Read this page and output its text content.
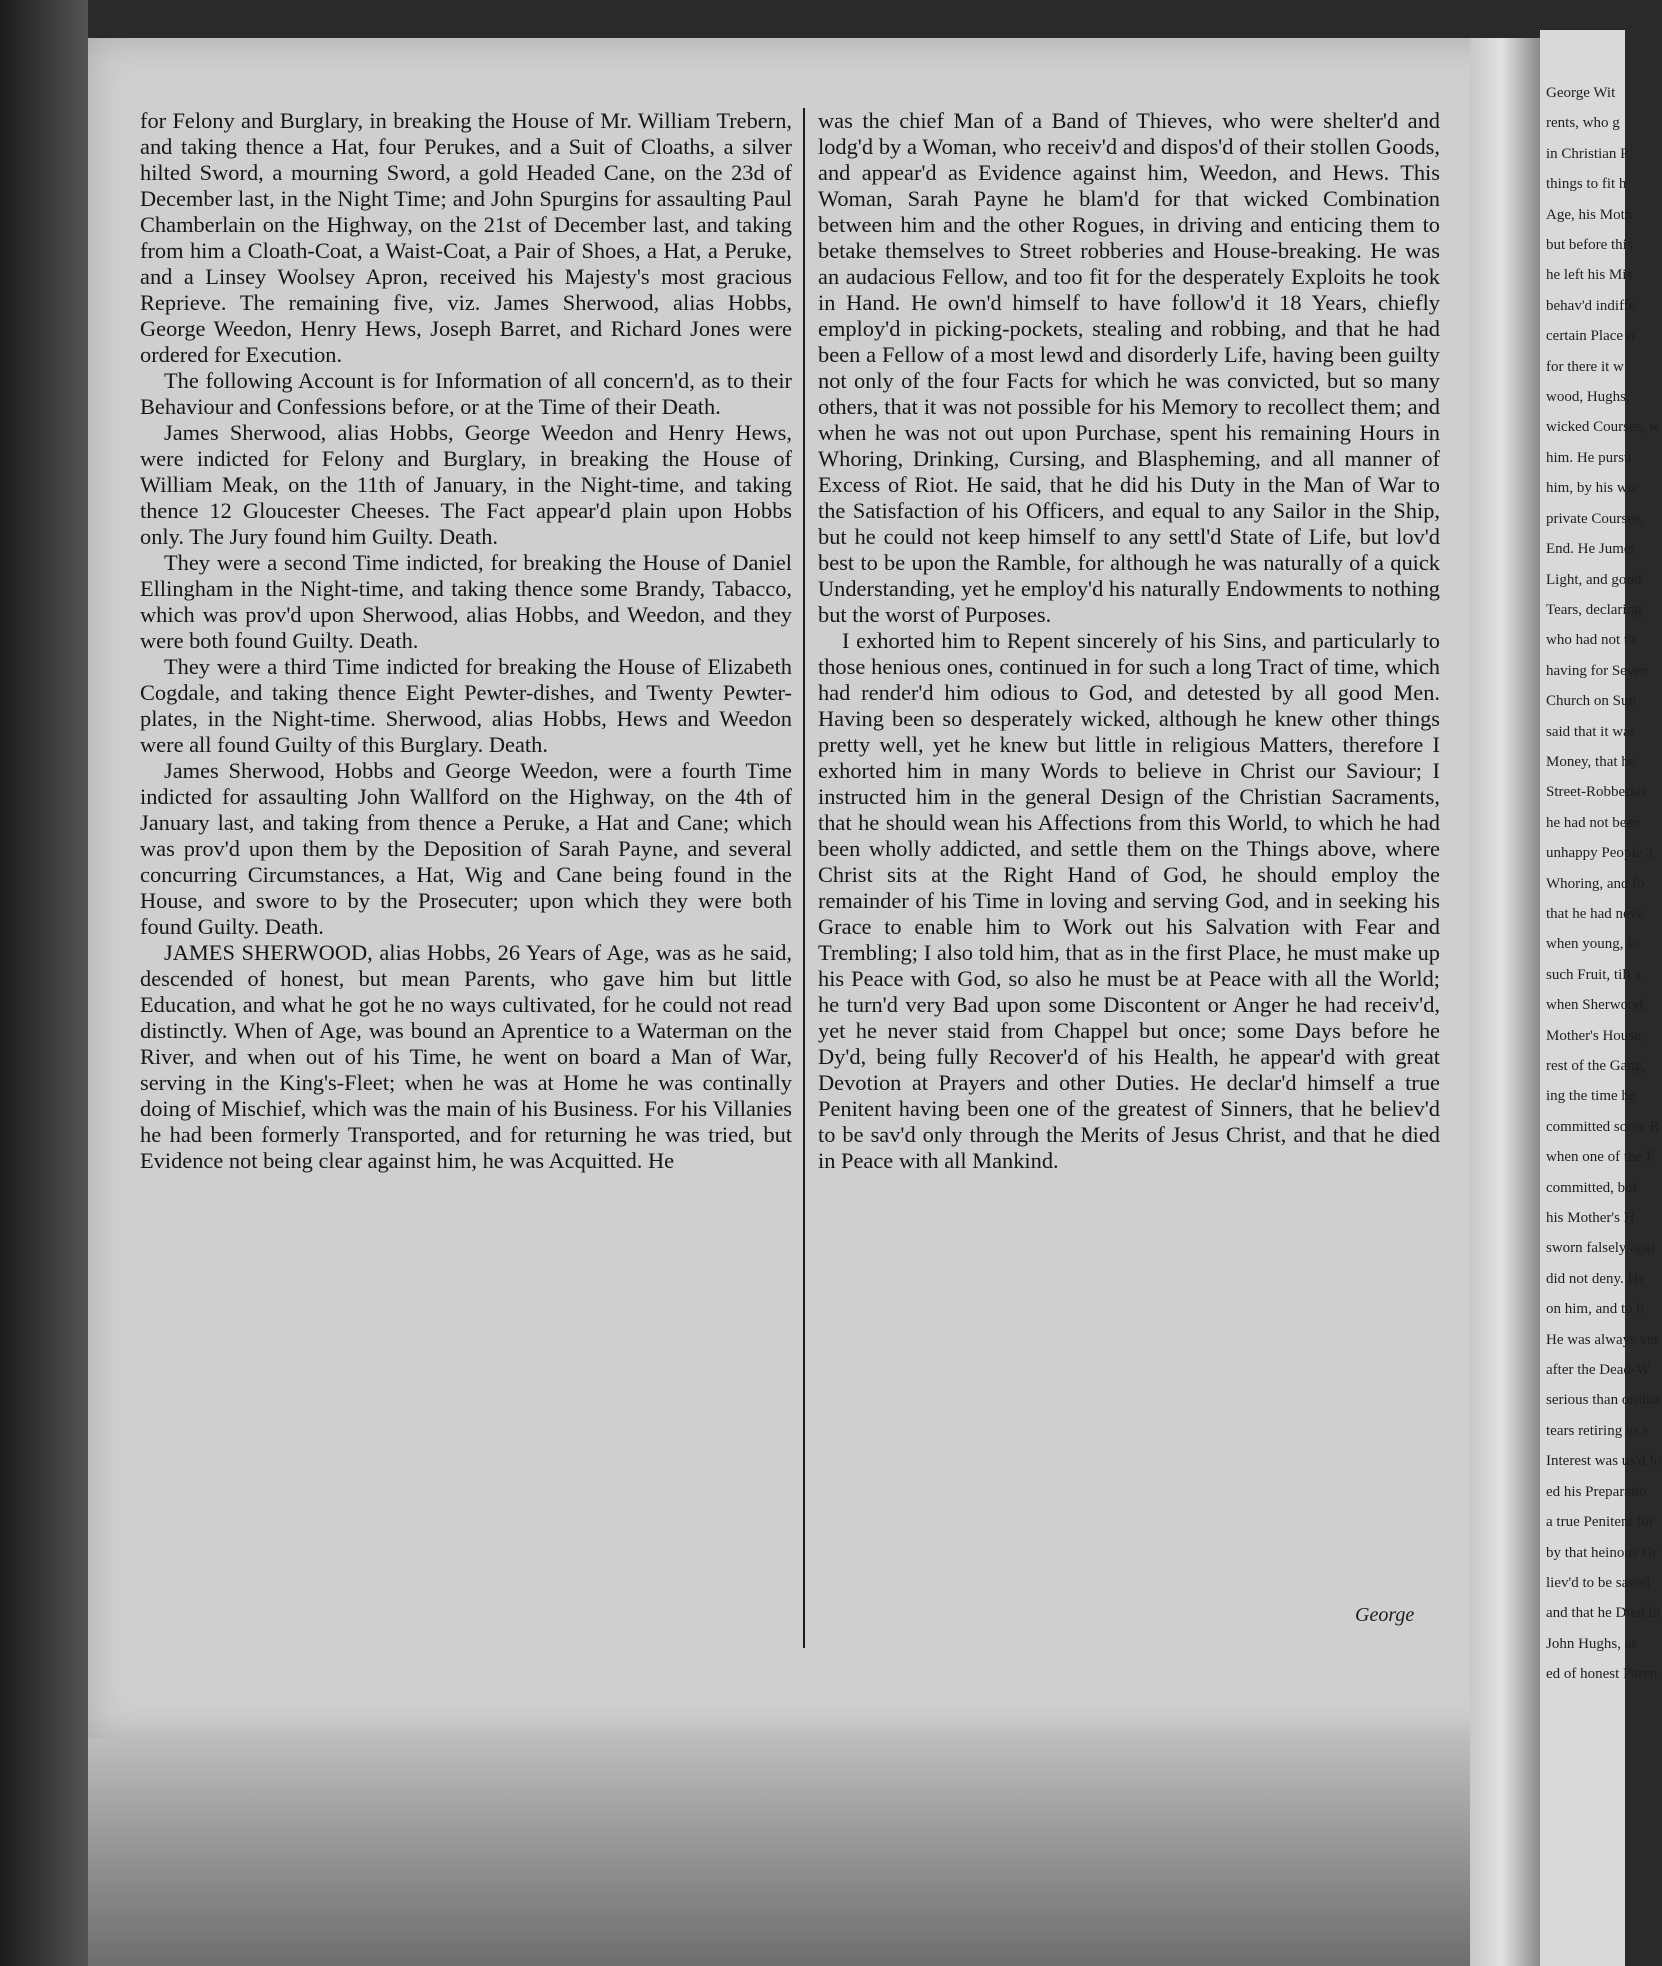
George Wit
rents, who g
in Christian P
things to fit h
Age, his Moth
but before this
he left his Mis
behav'd indiffe
certain Place o
for there it w
wood, Hughs,
wicked Courses, w
him. He pursu
him, by his wic
private Courses,
End. He Jumer
Light, and good
Tears, declaring
who had not th
having for Seven
Church on Sun
said that it was
Money, that he
Street-Robberies
he had not been
unhappy People a
Whoring, and fo
that he had neve
when young, fo
such Fruit, till a
when Sherwood,
Mother's House,
rest of the Gang,
ing the time he
committed some R
when one of the F
committed, but
his Mother's H
sworn falsely agai
did not deny. He
on him, and to h
He was always ver
after the Dead-W
serious than ordina
tears retiring to a
Interest was us'd fo
ed his Preparatio
a true Penitent for
by that heinous Or
liev'd to be saved
and that he Died in
John Hughs, as
ed of honest Paren

for Felony and Burglary, in breaking the House of Mr. William Trebern, and taking thence a Hat, four Perukes, and a Suit of Cloaths, a silver hilted Sword, a mourning Sword, a gold Headed Cane, on the 23d of December last, in the Night Time; and John Spurgins for assaulting Paul Chamberlain on the Highway, on the 21st of December last, and taking from him a Cloath-Coat, a Waist-Coat, a Pair of Shoes, a Hat, a Peruke, and a Linsey Woolsey Apron, received his Majesty's most gracious Reprieve. The remaining five, viz. James Sherwood, alias Hobbs, George Weedon, Henry Hews, Joseph Barret, and Richard Jones were ordered for Execution.

The following Account is for Information of all concern'd, as to their Behaviour and Confessions before, or at the Time of their Death.

James Sherwood, alias Hobbs, George Weedon and Henry Hews, were indicted for Felony and Burglary, in breaking the House of William Meak, on the 11th of January, in the Night-time, and taking thence 12 Gloucester Cheeses. The Fact appear'd plain upon Hobbs only. The Jury found him Guilty. Death.

They were a second Time indicted, for breaking the House of Daniel Ellingham in the Night-time, and taking thence some Brandy, Tabacco, which was prov'd upon Sherwood, alias Hobbs, and Weedon, and they were both found Guilty. Death.

They were a third Time indicted for breaking the House of Elizabeth Cogdale, and taking thence Eight Pewter-dishes, and Twenty Pewter-plates, in the Night-time. Sherwood, alias Hobbs, Hews and Weedon were all found Guilty of this Burglary. Death.

James Sherwood, Hobbs and George Weedon, were a fourth Time indicted for assaulting John Wallford on the Highway, on the 4th of January last, and taking from thence a Peruke, a Hat and Cane; which was prov'd upon them by the Deposition of Sarah Payne, and several concurring Circumstances, a Hat, Wig and Cane being found in the House, and swore to by the Prosecuter; upon which they were both found Guilty. Death.

JAMES SHERWOOD, alias Hobbs, 26 Years of Age, was as he said, descended of honest, but mean Parents, who gave him but little Education, and what he got he no ways cultivated, for he could not read distinctly. When of Age, was bound an Aprentice to a Waterman on the River, and when out of his Time, he went on board a Man of War, serving in the King's-Fleet; when he was at Home he was continally doing of Mischief, which was the main of his Business. For his Villanies he had been formerly Transported, and for returning he was tried, but Evidence not being clear against him, he was Acquitted. He

was the chief Man of a Band of Thieves, who were shelter'd and lodg'd by a Woman, who receiv'd and dispos'd of their stollen Goods, and appear'd as Evidence against him, Weedon, and Hews. This Woman, Sarah Payne he blam'd for that wicked Combination between him and the other Rogues, in driving and enticing them to betake themselves to Street robberies and House-breaking. He was an audacious Fellow, and too fit for the desperately Exploits he took in Hand. He own'd himself to have follow'd it 18 Years, chiefly employ'd in picking-pockets, stealing and robbing, and that he had been a Fellow of a most lewd and disorderly Life, having been guilty not only of the four Facts for which he was convicted, but so many others, that it was not possible for his Memory to recollect them; and when he was not out upon Purchase, spent his remaining Hours in Whoring, Drinking, Cursing, and Blaspheming, and all manner of Excess of Riot. He said, that he did his Duty in the Man of War to the Satisfaction of his Officers, and equal to any Sailor in the Ship, but he could not keep himself to any settl'd State of Life, but lov'd best to be upon the Ramble, for although he was naturally of a quick Understanding, yet he employ'd his naturally Endowments to nothing but the worst of Purposes.

I exhorted him to Repent sincerely of his Sins, and particularly to those henious ones, continued in for such a long Tract of time, which had render'd him odious to God, and detested by all good Men. Having been so desperately wicked, although he knew other things pretty well, yet he knew but little in religious Matters, therefore I exhorted him in many Words to believe in Christ our Saviour; I instructed him in the general Design of the Christian Sacraments, that he should wean his Affections from this World, to which he had been wholly addicted, and settle them on the Things above, where Christ sits at the Right Hand of God, he should employ the remainder of his Time in loving and serving God, and in seeking his Grace to enable him to Work out his Salvation with Fear and Trembling; I also told him, that as in the first Place, he must make up his Peace with God, so also he must be at Peace with all the World; he turn'd very Bad upon some Discontent or Anger he had receiv'd, yet he never staid from Chappel but once; some Days before he Dy'd, being fully Recover'd of his Health, he appear'd with great Devotion at Prayers and other Duties. He declar'd himself a true Penitent having been one of the greatest of Sinners, that he believ'd to be sav'd only through the Merits of Jesus Christ, and that he died in Peace with all Mankind.

George
